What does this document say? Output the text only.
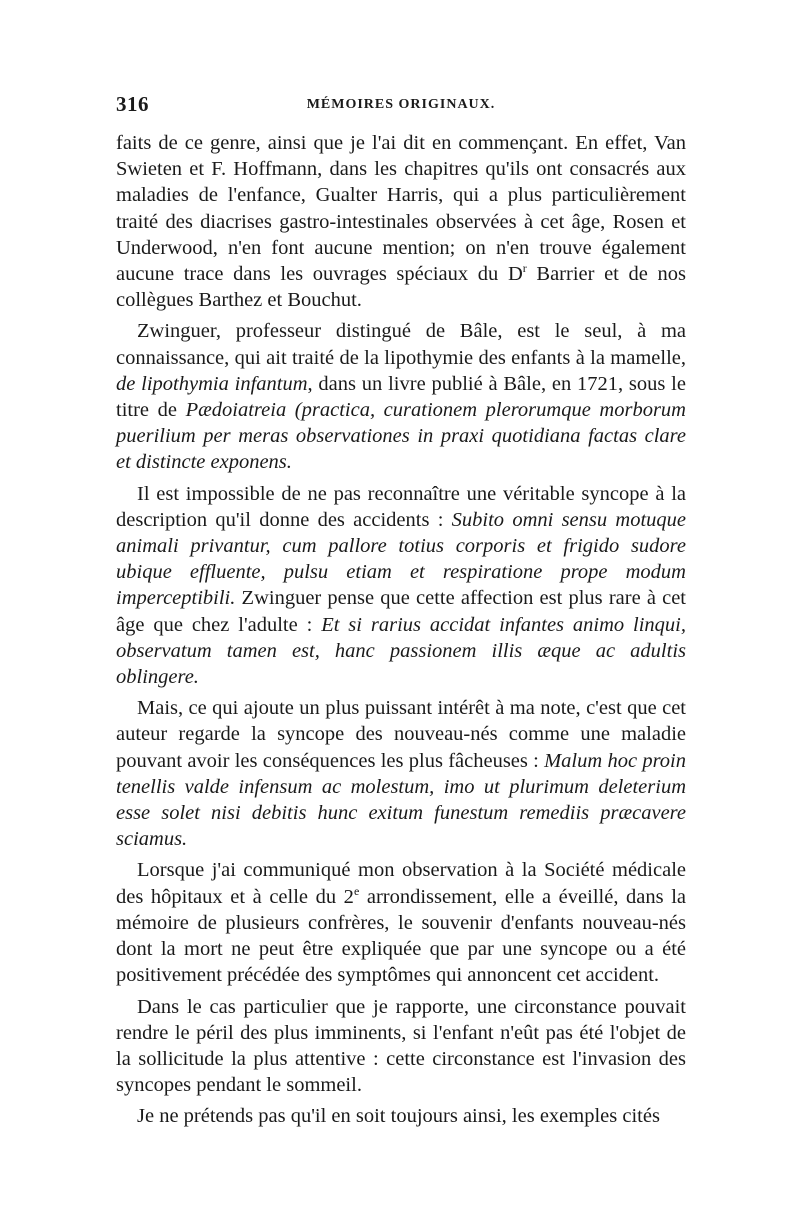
316	MÉMOIRES ORIGINAUX.

faits de ce genre, ainsi que je l'ai dit en commençant. En effet, Van Swieten et F. Hoffmann, dans les chapitres qu'ils ont consacrés aux maladies de l'enfance, Gualter Harris, qui a plus particulièrement traité des diacrises gastro-intestinales observées à cet âge, Rosen et Underwood, n'en font aucune mention; on n'en trouve également aucune trace dans les ouvrages spéciaux du $D^r$ Barrier et de nos collègues Barthez et Bouchut.

Zwinguer, professeur distingué de Bâle, est le seul, à ma connaissance, qui ait traité de la lipothymie des enfants à la mamelle, de lipothymia infantum, dans un livre publié à Bâle, en 1721, sous le titre de Pædoiatreia (practica, curationem plerorumque morborum puerilium per meras observationes in praxi quotidiana factas clare et distincte exponens.

Il est impossible de ne pas reconnaître une véritable syncope à la description qu'il donne des accidents : Subito omni sensu motuque animali privantur, cum pallore totius corporis et frigido sudore ubique effluente, pulsu etiam et respiratione prope modum imperceptibili. Zwinguer pense que cette affection est plus rare à cet âge que chez l'adulte : Et si rarius accidat infantes animo linqui, observatum tamen est, hanc passionem illis æque ac adultis oblingere.

Mais, ce qui ajoute un plus puissant intérêt à ma note, c'est que cet auteur regarde la syncope des nouveau-nés comme une maladie pouvant avoir les conséquences les plus fâcheuses : Malum hoc proin tenellis valde infensum ac molestum, imo ut plurimum deleterium esse solet nisi debitis hunc exitum funestum remediis præcavere sciamus.

Lorsque j'ai communiqué mon observation à la Société médicale des hôpitaux et à celle du 2e arrondissement, elle a éveillé, dans la mémoire de plusieurs confrères, le souvenir d'enfants nouveau-nés dont la mort ne peut être expliquée que par une syncope ou a été positivement précédée des symptômes qui annoncent cet accident.

Dans le cas particulier que je rapporte, une circonstance pouvait rendre le péril des plus imminents, si l'enfant n'eût pas été l'objet de la sollicitude la plus attentive : cette circonstance est l'invasion des syncopes pendant le sommeil.

Je ne prétends pas qu'il en soit toujours ainsi, les exemples cités
